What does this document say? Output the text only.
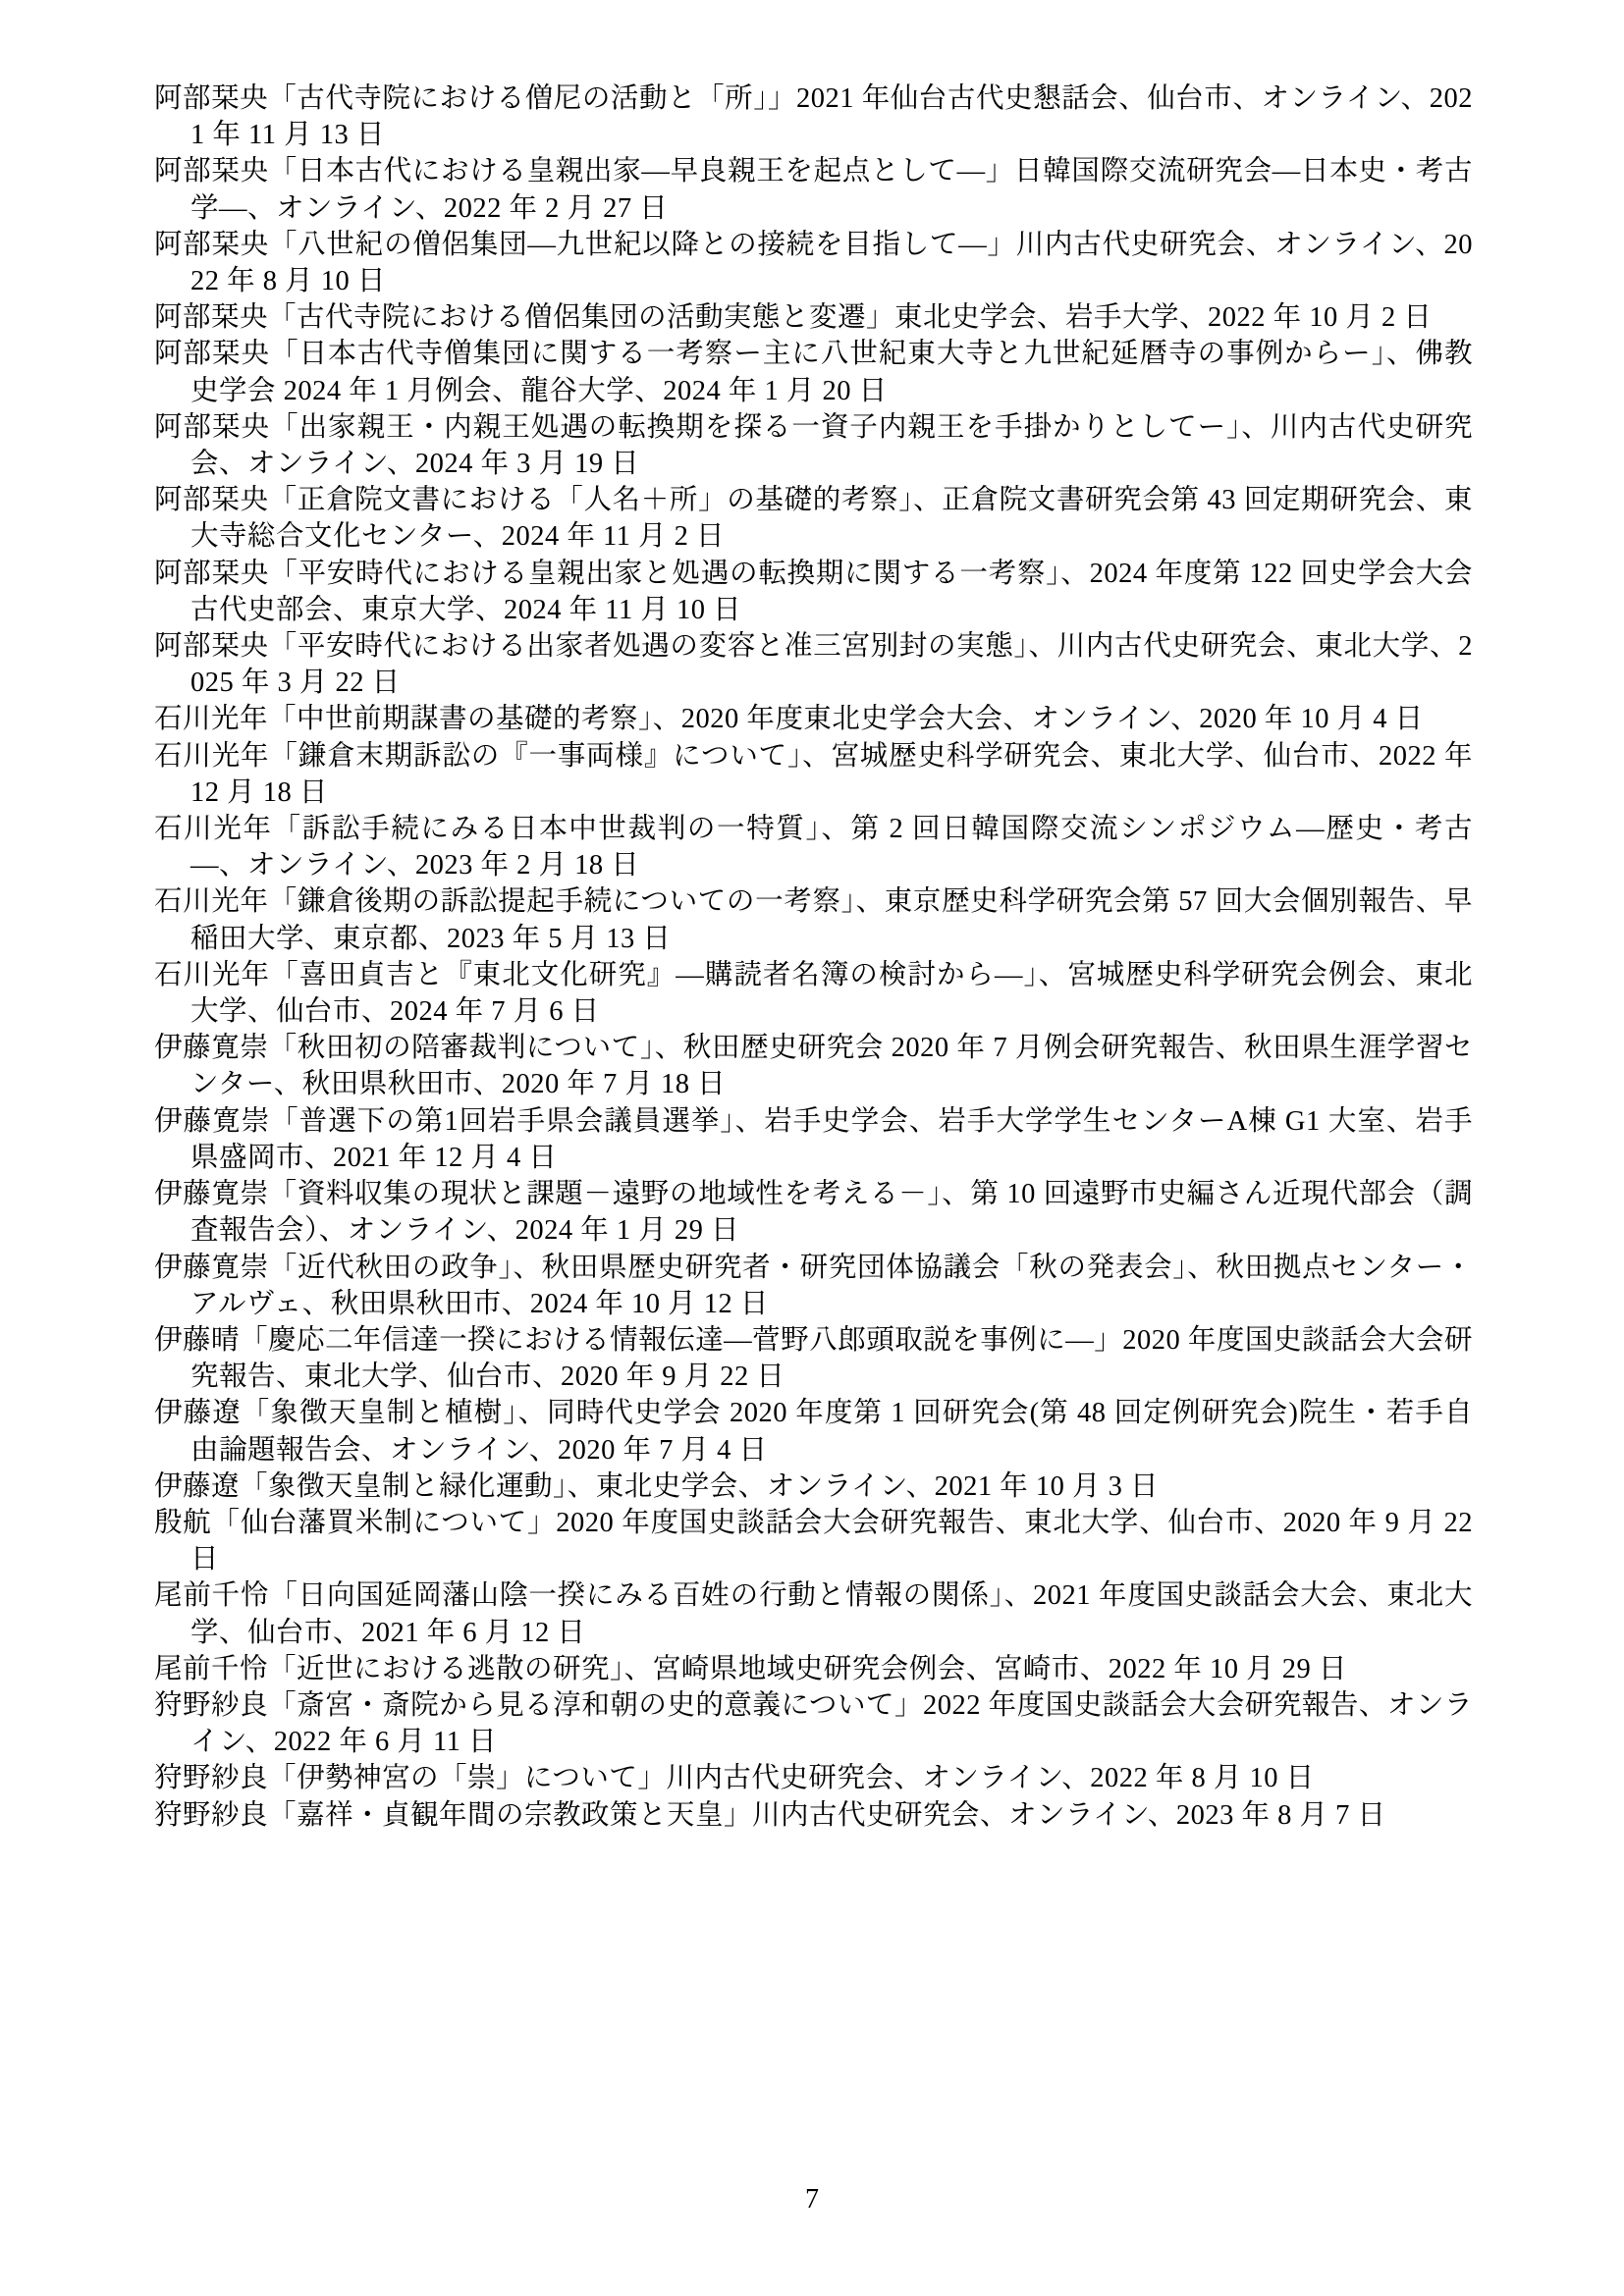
阿部栞央「古代寺院における僧尼の活動と「所」」2021 年仙台古代史懇話会、仙台市、オンライン、2021 年 11 月 13 日

阿部栞央「日本古代における皇親出家—早良親王を起点として—」日韓国際交流研究会—日本史・考古学—、オンライン、2022 年 2 月 27 日

阿部栞央「八世紀の僧侶集団—九世紀以降との接続を目指して—」川内古代史研究会、オンライン、2022 年 8 月 10 日

阿部栞央「古代寺院における僧侶集団の活動実態と変遷」東北史学会、岩手大学、2022 年 10 月 2 日

阿部栞央「日本古代寺僧集団に関する一考察ー主に八世紀東大寺と九世紀延暦寺の事例からー」、佛教史学会 2024 年 1 月例会、龍谷大学、2024 年 1 月 20 日

阿部栞央「出家親王・内親王処遇の転換期を探る一資子内親王を手掛かりとしてー」、川内古代史研究会、オンライン、2024 年 3 月 19 日

阿部栞央「正倉院文書における「人名＋所」の基礎的考察」、正倉院文書研究会第 43 回定期研究会、東大寺総合文化センター、2024 年 11 月 2 日

阿部栞央「平安時代における皇親出家と処遇の転換期に関する一考察」、2024 年度第 122 回史学会大会古代史部会、東京大学、2024 年 11 月 10 日

阿部栞央「平安時代における出家者処遇の変容と准三宮別封の実態」、川内古代史研究会、東北大学、2025 年 3 月 22 日

石川光年「中世前期謀書の基礎的考察」、2020 年度東北史学会大会、オンライン、2020 年 10 月 4 日

石川光年「鎌倉末期訴訟の『一事両様』について」、宮城歴史科学研究会、東北大学、仙台市、2022 年 12 月 18 日

石川光年「訴訟手続にみる日本中世裁判の一特質」、第 2 回日韓国際交流シンポジウム—歴史・考古—、オンライン、2023 年 2 月 18 日

石川光年「鎌倉後期の訴訟提起手続についての一考察」、東京歴史科学研究会第 57 回大会個別報告、早稲田大学、東京都、2023 年 5 月 13 日

石川光年「喜田貞吉と『東北文化研究』—購読者名簿の検討から—」、宮城歴史科学研究会例会、東北大学、仙台市、2024 年 7 月 6 日

伊藤寛崇「秋田初の陪審裁判について」、秋田歴史研究会 2020 年 7 月例会研究報告、秋田県生涯学習センター、秋田県秋田市、2020 年 7 月 18 日

伊藤寛崇「普選下の第1回岩手県会議員選挙」、岩手史学会、岩手大学学生センターA棟 G1 大室、岩手県盛岡市、2021 年 12 月 4 日

伊藤寛崇「資料収集の現状と課題－遠野の地域性を考える－」、第 10 回遠野市史編さん近現代部会（調査報告会）、オンライン、2024 年 1 月 29 日

伊藤寛崇「近代秋田の政争」、秋田県歴史研究者・研究団体協議会「秋の発表会」、秋田拠点センター・アルヴェ、秋田県秋田市、2024 年 10 月 12 日

伊藤晴「慶応二年信達一揆における情報伝達—菅野八郎頭取説を事例に—」2020 年度国史談話会大会研究報告、東北大学、仙台市、2020 年 9 月 22 日

伊藤遼「象徴天皇制と植樹」、同時代史学会 2020 年度第 1 回研究会(第 48 回定例研究会)院生・若手自由論題報告会、オンライン、2020 年 7 月 4 日

伊藤遼「象徴天皇制と緑化運動」、東北史学会、オンライン、2021 年 10 月 3 日

殷航「仙台藩買米制について」2020 年度国史談話会大会研究報告、東北大学、仙台市、2020 年 9 月 22 日

尾前千怜「日向国延岡藩山陰一揆にみる百姓の行動と情報の関係」、2021 年度国史談話会大会、東北大学、仙台市、2021 年 6 月 12 日

尾前千怜「近世における逃散の研究」、宮崎県地域史研究会例会、宮崎市、2022 年 10 月 29 日

狩野紗良「斎宮・斎院から見る淳和朝の史的意義について」2022 年度国史談話会大会研究報告、オンライン、2022 年 6 月 11 日

狩野紗良「伊勢神宮の「祟」について」川内古代史研究会、オンライン、2022 年 8 月 10 日

狩野紗良「嘉祥・貞観年間の宗教政策と天皇」川内古代史研究会、オンライン、2023 年 8 月 7 日

7
